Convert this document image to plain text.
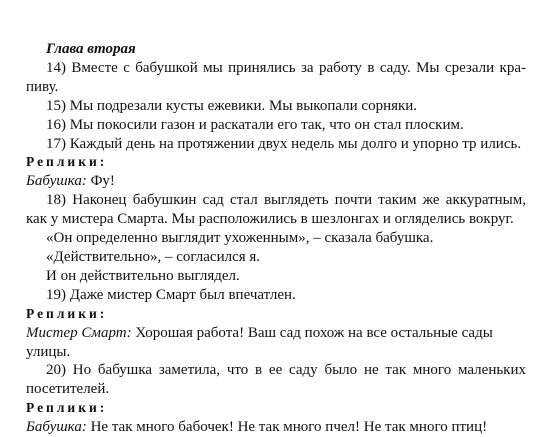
Глава вторая
14) Вместе с бабушкой мы принялись за работу в саду. Мы срезали кра-
пиву.
15) Мы подрезали кусты ежевики. Мы выкопали сорняки.
16) Мы покосили газон и раскатали его так, что он стал плоским.
17) Каждый день на протяжении двух недель мы долго и упорно тр ились.
Реплики:
Бабушка: Фу!
18) Наконец бабушкин сад стал выглядеть почти таким же аккуратным,
как у мистера Смарта. Мы расположились в шезлонгах и огляделись вокруг.
«Он определенно выглядит ухоженным», – сказала бабушка.
«Действительно», – согласился я.
И он действительно выглядел.
19) Даже мистер Смарт был впечатлен.
Реплики:
Мистер Смарт: Хорошая работа! Ваш сад похож на все остальные сады
улицы.
20) Но бабушка заметила, что в ее саду было не так много маленьких
посетителей.
Реплики:
Бабушка: Не так много бабочек! Не так много пчел! Не так много птиц!
